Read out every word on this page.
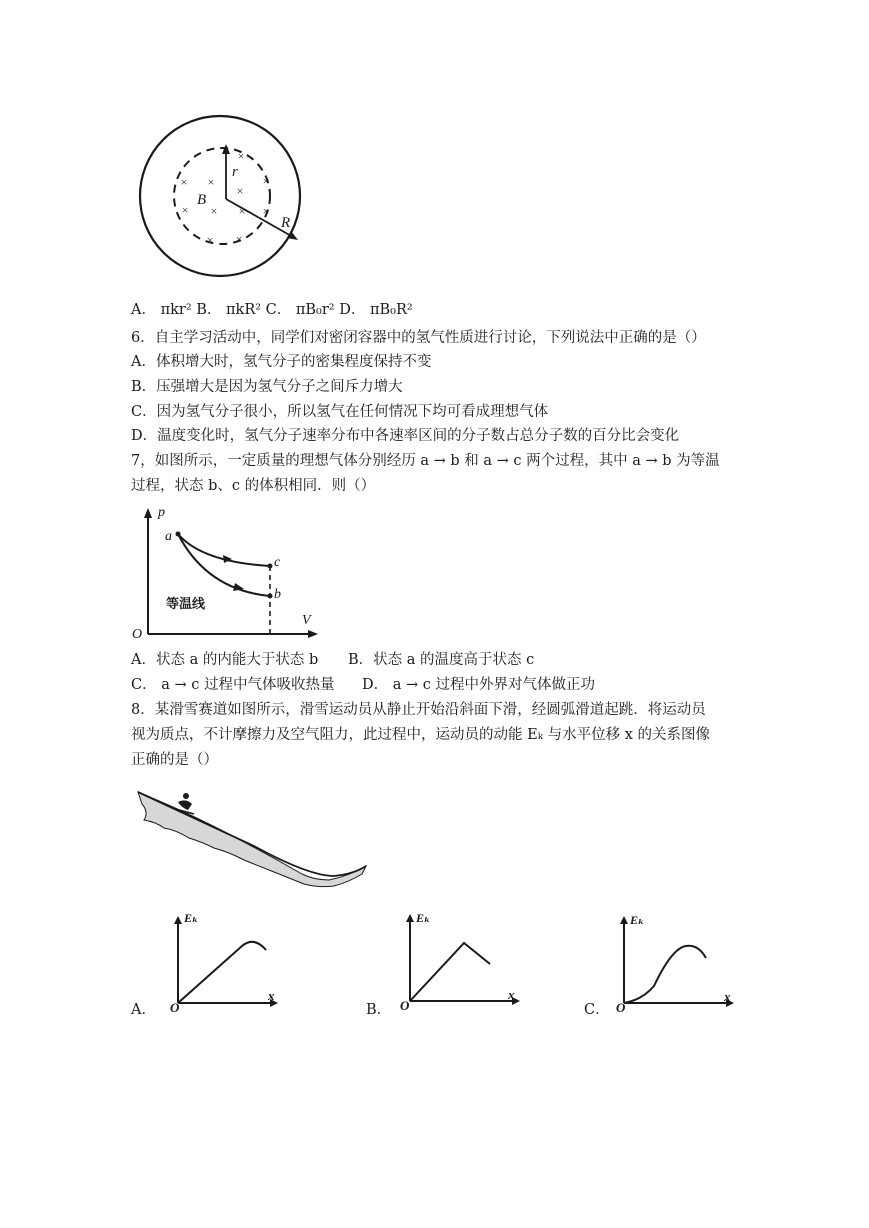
×
×
× ×
× × ×
×
×
× ×
r
B
R
A． πkr² B． πkR² C． πB₀r² D． πB₀R²
6．自主学习活动中，同学们对密闭容器中的氢气性质进行讨论，下列说法中正确的是（）
A．体积增大时，氢气分子的密集程度保持不变
B．压强增大是因为氢气分子之间斥力增大
C．因为氢气分子很小，所以氢气在任何情况下均可看成理想气体
D．温度变化时，氢气分子速率分布中各速率区间的分子数占总分子数的百分比会变化
7，如图所示，一定质量的理想气体分别经历 a → b 和 a → c 两个过程，其中 a → b 为等温
过程，状态 b、c 的体积相同．则（）
p
V
O
a
c
b
等温线
A．状态 a 的内能大于状态 b B．状态 a 的温度高于状态 c
C． a → c 过程中气体吸收热量 D． a → c 过程中外界对气体做正功
8．某滑雪赛道如图所示，滑雪运动员从静止开始沿斜面下滑，经圆弧滑道起跳．将运动员
视为质点，不计摩擦力及空气阻力，此过程中，运动员的动能 Eₖ 与水平位移 x 的关系图像
正确的是（）
Eₖ
x
O
A．
Eₖ
x
O
B．
Eₖ
x
O
C．
